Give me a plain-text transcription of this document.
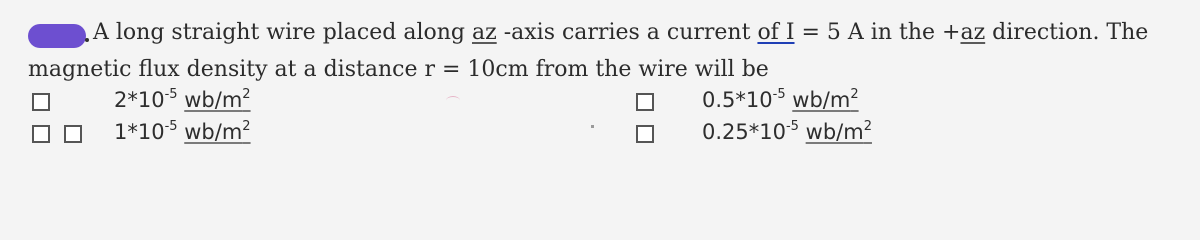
A long straight wire placed along az -axis carries a current of I = 5 A in the +az direction. The
magnetic flux density at a distance r = 10cm from the wire will be
$2*10^{-5}$ $wb/m^2$
$1*10^{-5}$ $wb/m^2$
$0.5*10^{-5}$ $wb/m^2$
$0.25*10^{-5}$ $wb/m^2$
